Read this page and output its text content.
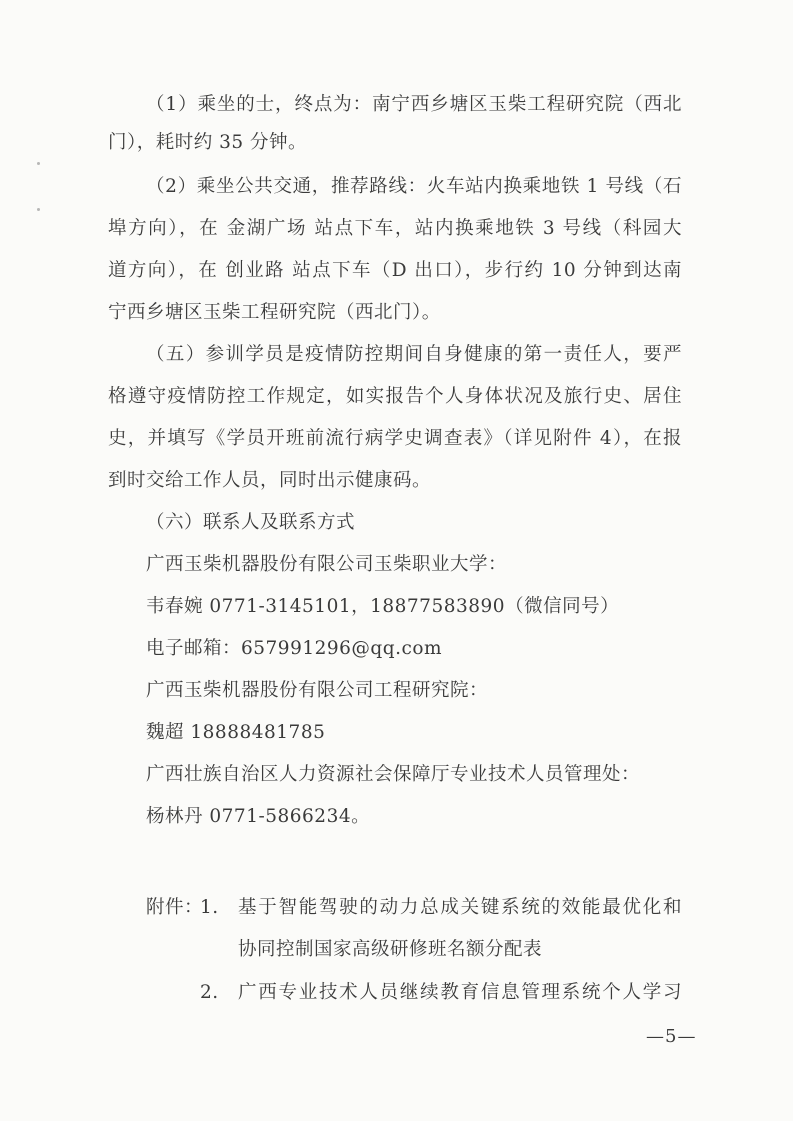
（1）乘坐的士，终点为：南宁西乡塘区玉柴工程研究院（西北
门），耗时约 35 分钟。
（2）乘坐公共交通，推荐路线：火车站内换乘地铁 1 号线（石
埠方向），在 金湖广场 站点下车，站内换乘地铁 3 号线（科园大
道方向），在 创业路 站点下车（D 出口），步行约 10 分钟到达南
宁西乡塘区玉柴工程研究院（西北门）。
（五）参训学员是疫情防控期间自身健康的第一责任人，要严
格遵守疫情防控工作规定，如实报告个人身体状况及旅行史、居住
史，并填写《学员开班前流行病学史调查表》（详见附件 4），在报
到时交给工作人员，同时出示健康码。
（六）联系人及联系方式
广西玉柴机器股份有限公司玉柴职业大学：
韦春婉 0771-3145101，18877583890（微信同号）
电子邮箱：657991296@qq.com
广西玉柴机器股份有限公司工程研究院：
魏超 18888481785
广西壮族自治区人力资源社会保障厅专业技术人员管理处：
杨林丹 0771-5866234。
附件：
1. 基于智能驾驶的动力总成关键系统的效能最优化和
协同控制国家高级研修班名额分配表
2. 广西专业技术人员继续教育信息管理系统个人学习
—5—
